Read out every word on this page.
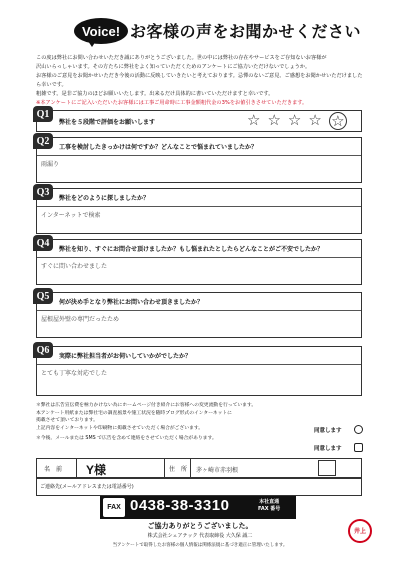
Voice! お客様の声をお聞かせください

この度は弊社にお問い合わせいただき誠にありがとうございました。世の中には弊社の存在やサービスをご存知ないお客様が

沢山いらっしゃいます。その方たちに弊社をよく知っていただくためのアンケートにご協力いただけないでしょうか。

お客様のご意見をお聞かせいただき今後の活動に反映していきたいと考えております。忌憚のないご意見、ご感想をお聞かせいただけましたら幸いです。

粗雑です。是非ご協力のほどお願いいたします。出来るだけ具体的に書いていただけますと幸いです。

※本アンケートにご記入いただいたお客様には工事ご用命時に工事金額粗代金の3%をお値引きさせていただきます。

Q1
弊社を５段階で評価をお願いします	☆ ☆ ☆ ☆ ☆
Q2
工事を検討したきっかけは何ですか？どんなことで悩まれていましたか？
雨漏り
Q3
弊社をどのように探しましたか？
インターネットで検索
Q4
弊社を知り、すぐにお問合せ頂けましたか？もし悩まれたとしたらどんなことがご不安でしたか？
すぐに問い合わせました
Q5
何が決め手となり弊社にお問い合わせ頂きましたか？
屋根屋外壁の専門だったため
Q6
実際に弊社担当者がお伺いしていかがでしたか？
とても丁寧な対応でした

＊弊社は広告宣伝費を極力かけない為にホームページ付き紹介にお客様への変更流動を行っています。

本アンケート用紙または弊社宅の調査風景や施工状況を随時プログ形式のインターネットに

掲載させて頂いております。

上記内容をインターネットや印刷物に掲載させていただく場合がございます。

＊今後、メールまたは SMS で広告を含めて連絡をさせていただく場合があります。

同意します
同意します
名　前 Y様	住　所 茅ヶ崎市赤羽根
ご連絡先(メールアドレスまたは電話番号)
FAX 0438-38-3310	本社直通
FAX 番号
ご協力ありがとうございました。
株式会社シェアテック 代表取締役 大久保 誠二
当アンケートで取得したお客様の個人情報は関係法規に基づき適正に管理いたします。
井上
